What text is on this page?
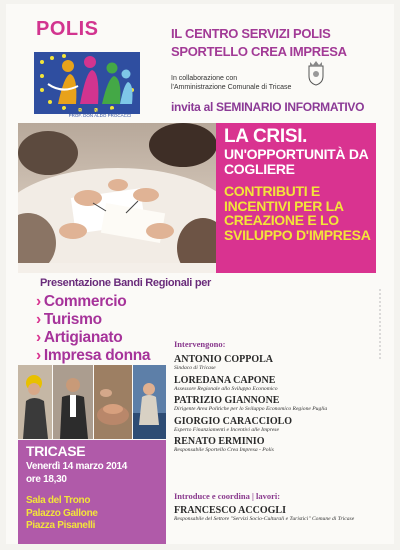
POLIS
POLO DI INNOVAZIONE SOCIALE
PROF. DON ALDO PROCACCI
IL CENTRO SERVIZI POLIS
SPORTELLO CREA IMPRESA
In collaborazione con
l'Amministrazione Comunale di Tricase
invita al SEMINARIO INFORMATIVO
LA CRISI.
UN'OPPORTUNITÀ DA COGLIERE
CONTRIBUTI E INCENTIVI PER LA CREAZIONE E LO SVILUPPO D'IMPRESA
Presentazione Bandi Regionali per
› Commercio
› Turismo
› Artigianato
› Impresa donna
TRICASE
Venerdì 14 marzo 2014
ore 18,30
Sala del Trono
Palazzo Gallone
Piazza Pisanelli
Intervengono:
ANTONIO COPPOLA
Sindaco di Tricase
LOREDANA CAPONE
Assessore Regionale allo Sviluppo Economico
PATRIZIO GIANNONE
Dirigente Area Politiche per lo Sviluppo Economico Regione Puglia
GIORGIO CARACCIOLO
Esperto Finanziamenti e Incentivi alle Imprese
RENATO ERMINIO
Responsabile Sportello Crea Impresa - Polis
Introduce e coordina | lavori:
FRANCESCO ACCOGLI
Responsabile del Settore "Servizi Socio-Culturali e Turistici" Comune di Tricase
